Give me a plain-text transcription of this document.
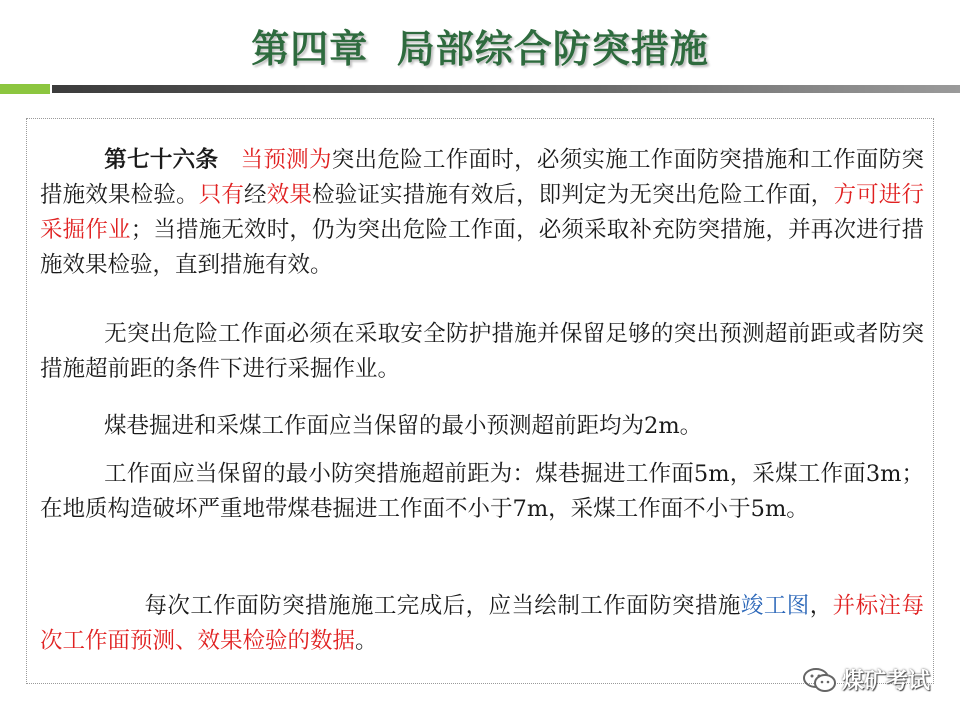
第四章  局部综合防突措施

第七十六条 当预测为突出危险工作面时，必须实施工作面防突措施和工作面防突措施效果检验。只有经效果检验证实措施有效后，即判定为无突出危险工作面，方可进行采掘作业；当措施无效时，仍为突出危险工作面，必须采取补充防突措施，并再次进行措施效果检验，直到措施有效。

无突出危险工作面必须在采取安全防护措施并保留足够的突出预测超前距或者防突措施超前距的条件下进行采掘作业。

煤巷掘进和采煤工作面应当保留的最小预测超前距均为2m。

工作面应当保留的最小防突措施超前距为：煤巷掘进工作面5m，采煤工作面3m；在地质构造破坏严重地带煤巷掘进工作面不小于7m，采煤工作面不小于5m。

每次工作面防突措施施工完成后，应当绘制工作面防突措施竣工图，并标注每次工作面预测、效果检验的数据。

煤矿考试
